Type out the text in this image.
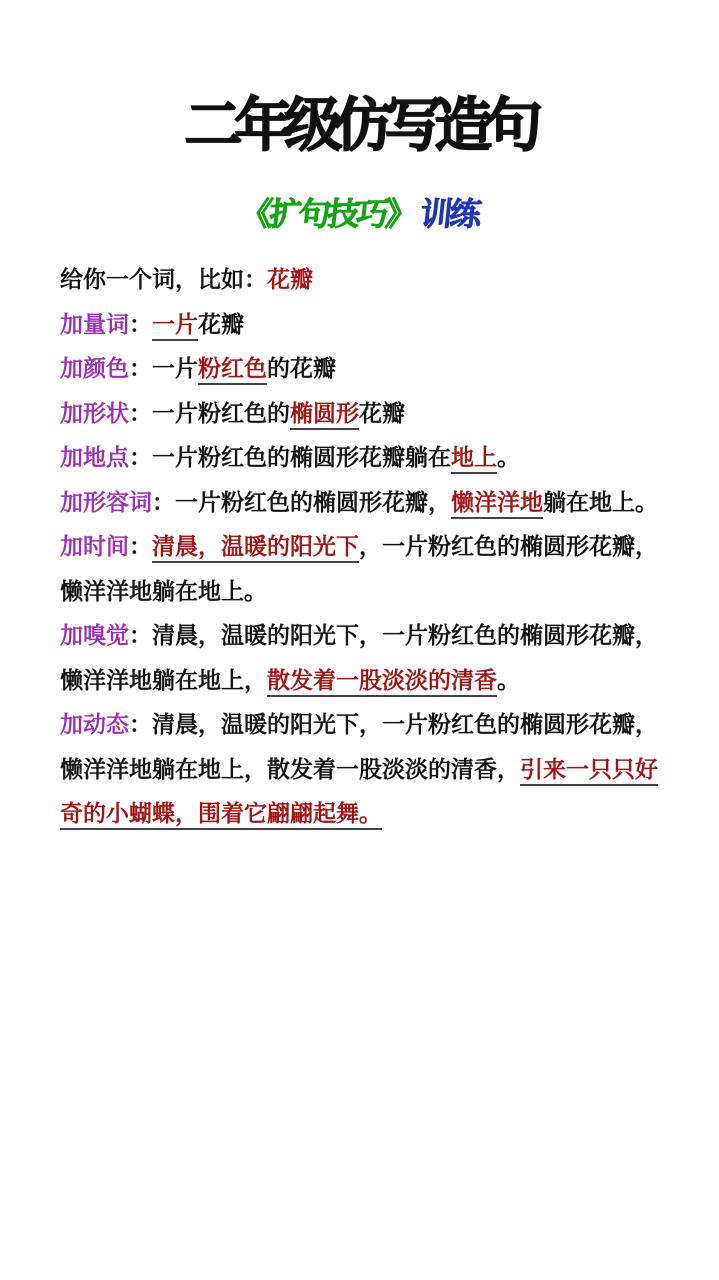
二年级仿写造句
《扩句技巧》训练

给你一个词，比如：花瓣

加量词：一片花瓣

加颜色：一片粉红色的花瓣

加形状：一片粉红色的椭圆形花瓣

加地点：一片粉红色的椭圆形花瓣躺在地上。

加形容词：一片粉红色的椭圆形花瓣，懒洋洋地躺在地上。

加时间：清晨，温暖的阳光下，一片粉红色的椭圆形花瓣，懒洋洋地躺在地上。

加嗅觉：清晨，温暖的阳光下，一片粉红色的椭圆形花瓣，懒洋洋地躺在地上，散发着一股淡淡的清香。

加动态：清晨，温暖的阳光下，一片粉红色的椭圆形花瓣，懒洋洋地躺在地上，散发着一股淡淡的清香，引来一只只好奇的小蝴蝶，围着它翩翩起舞。
